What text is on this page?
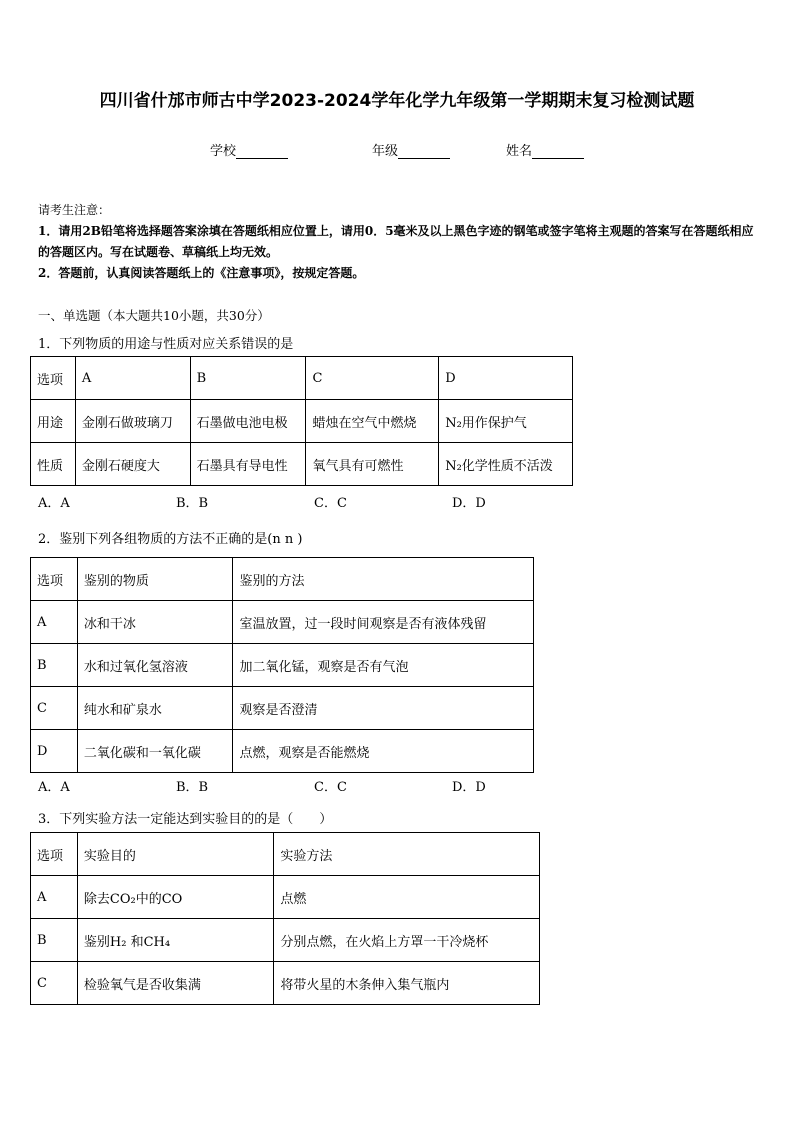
四川省什邡市师古中学2023-2024学年化学九年级第一学期期末复习检测试题
学校	年级	姓名

请考生注意：

1．请用2B铅笔将选择题答案涂填在答题纸相应位置上，请用0．5毫米及以上黑色字迹的钢笔或签字笔将主观题的答案写在答题纸相应的答题区内。写在试题卷、草稿纸上均无效。

2．答题前，认真阅读答题纸上的《注意事项》，按规定答题。

一、单选题（本大题共10小题，共30分）
1．下列物质的用途与性质对应关系错误的是
选项	A	B	C	D
用途	金刚石做玻璃刀	石墨做电池电极	蜡烛在空气中燃烧	N₂用作保护气
性质	金刚石硬度大	石墨具有导电性	氧气具有可燃性	N₂化学性质不活泼
A．A	B．B	C．C	D．D
2．鉴别下列各组物质的方法不正确的是(n n )
选项	鉴别的物质	鉴别的方法
A	冰和干冰	室温放置，过一段时间观察是否有液体残留
B	水和过氧化氢溶液	加二氧化锰，观察是否有气泡
C	纯水和矿泉水	观察是否澄清
D	二氧化碳和一氧化碳	点燃，观察是否能燃烧
A．A	B．B	C．C	D．D
3．下列实验方法一定能达到实验目的的是（　　）
选项	实验目的	实验方法
A	除去CO₂中的CO	点燃
B	鉴别H₂ 和CH₄	分别点燃，在火焰上方罩一干冷烧杯
C	检验氧气是否收集满	将带火星的木条伸入集气瓶内
